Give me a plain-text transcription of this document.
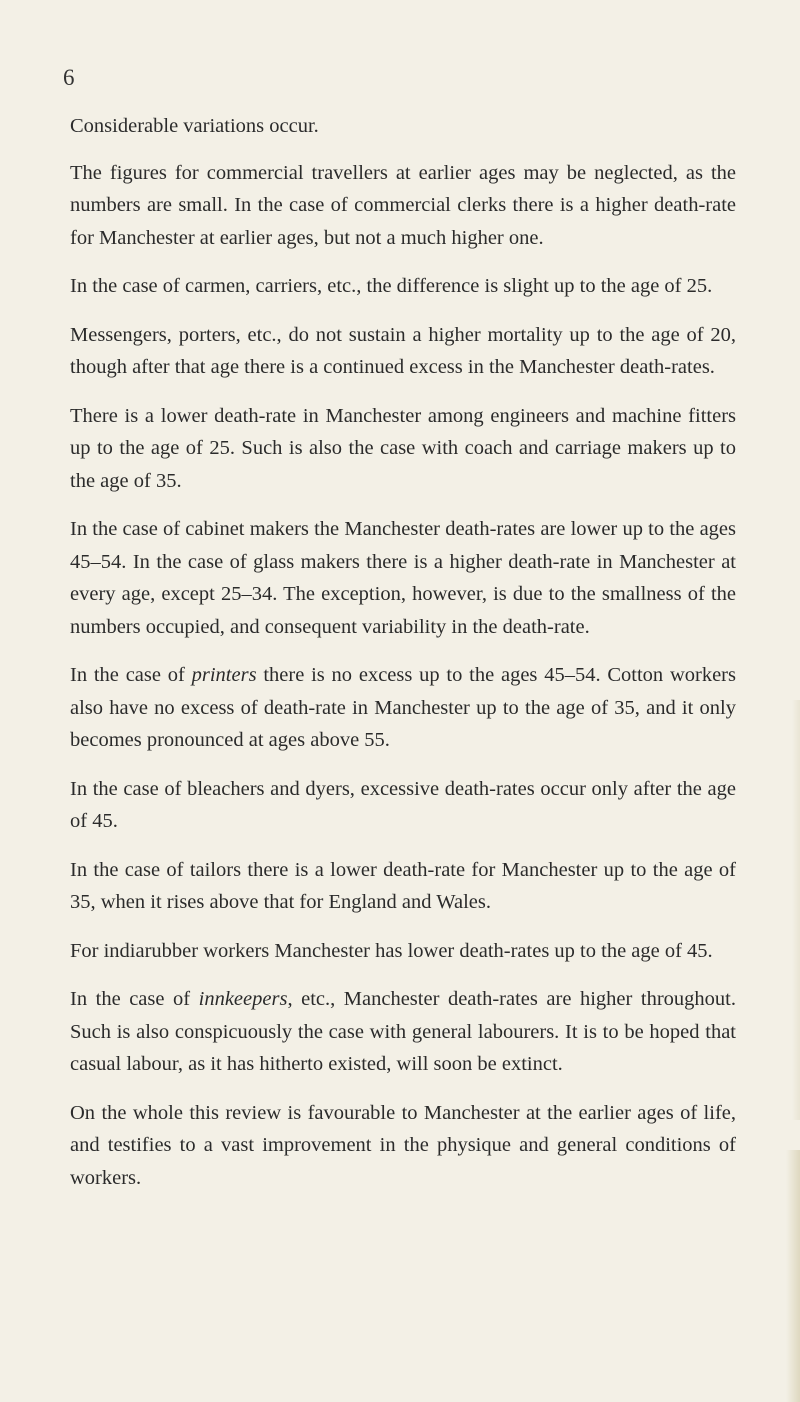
6

Considerable variations occur.

The figures for commercial travellers at earlier ages may be neglected, as the numbers are small. In the case of commercial clerks there is a higher death-rate for Manchester at earlier ages, but not a much higher one.

In the case of carmen, carriers, etc., the difference is slight up to the age of 25.

Messengers, porters, etc., do not sustain a higher mortality up to the age of 20, though after that age there is a continued excess in the Manchester death-rates.

There is a lower death-rate in Manchester among engineers and machine fitters up to the age of 25. Such is also the case with coach and carriage makers up to the age of 35.

In the case of cabinet makers the Manchester death-rates are lower up to the ages 45–54. In the case of glass makers there is a higher death-rate in Manchester at every age, except 25–34. The exception, however, is due to the smallness of the numbers occupied, and consequent variability in the death-rate.

In the case of printers there is no excess up to the ages 45–54. Cotton workers also have no excess of death-rate in Manchester up to the age of 35, and it only becomes pronounced at ages above 55.

In the case of bleachers and dyers, excessive death-rates occur only after the age of 45.

In the case of tailors there is a lower death-rate for Manchester up to the age of 35, when it rises above that for England and Wales.

For indiarubber workers Manchester has lower death-rates up to the age of 45.

In the case of innkeepers, etc., Manchester death-rates are higher throughout. Such is also conspicuously the case with general labourers. It is to be hoped that casual labour, as it has hitherto existed, will soon be extinct.

On the whole this review is favourable to Manchester at the earlier ages of life, and testifies to a vast improvement in the physique and general conditions of workers.
